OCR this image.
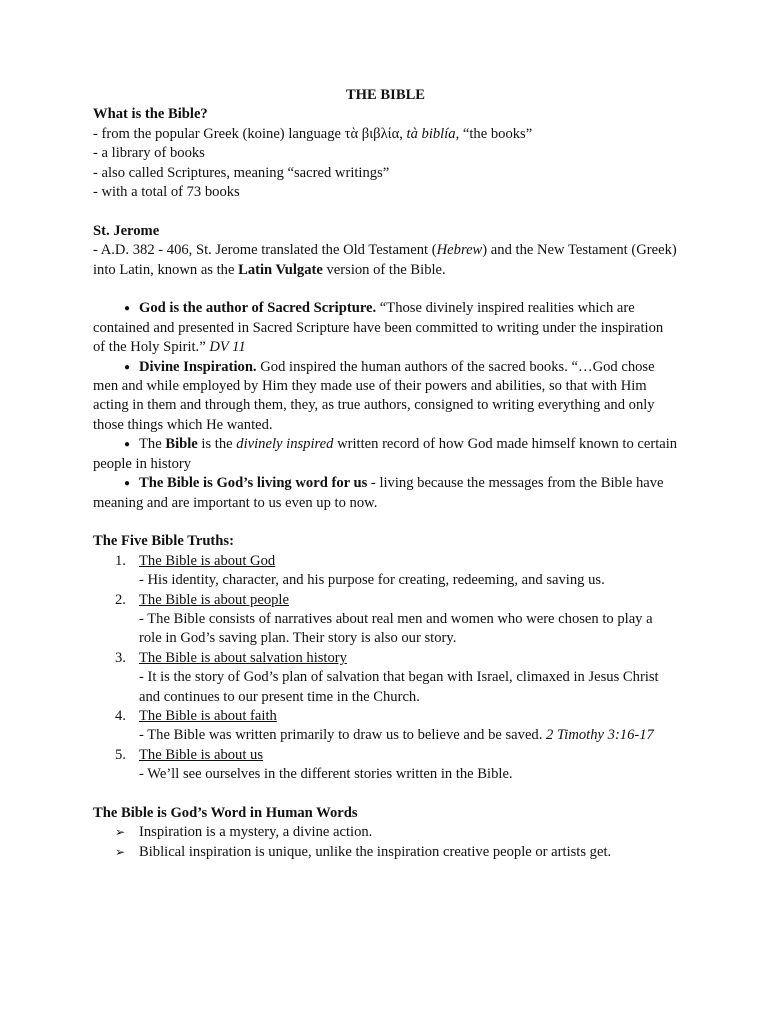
THE BIBLE

What is the Bible?

- from the popular Greek (koine) language τὰ βιβλία, tà biblía, “the books”

- a library of books

- also called Scriptures, meaning “sacred writings”

- with a total of 73 books

St. Jerome

- A.D. 382 - 406, St. Jerome translated the Old Testament (Hebrew) and the New Testament (Greek) into Latin, known as the Latin Vulgate version of the Bible.

● God is the author of Sacred Scripture. “Those divinely inspired realities which are contained and presented in Sacred Scripture have been committed to writing under the inspiration of the Holy Spirit.” DV 11

● Divine Inspiration. God inspired the human authors of the sacred books. “…God chose men and while employed by Him they made use of their powers and abilities, so that with Him acting in them and through them, they, as true authors, consigned to writing everything and only those things which He wanted.

● The Bible is the divinely inspired written record of how God made himself known to certain people in history

● The Bible is God’s living word for us - living because the messages from the Bible have meaning and are important to us even up to now.

The Five Bible Truths:
1. The Bible is about God
- His identity, character, and his purpose for creating, redeeming, and saving us.
2. The Bible is about people
- The Bible consists of narratives about real men and women who were chosen to play a role in God’s saving plan. Their story is also our story.
3. The Bible is about salvation history
- It is the story of God’s plan of salvation that began with Israel, climaxed in Jesus Christ and continues to our present time in the Church.
4. The Bible is about faith
- The Bible was written primarily to draw us to believe and be saved. 2 Timothy 3:16-17
5. The Bible is about us
- We’ll see ourselves in the different stories written in the Bible.
The Bible is God’s Word in Human Words
➢ Inspiration is a mystery, a divine action.
➢ Biblical inspiration is unique, unlike the inspiration creative people or artists get.
